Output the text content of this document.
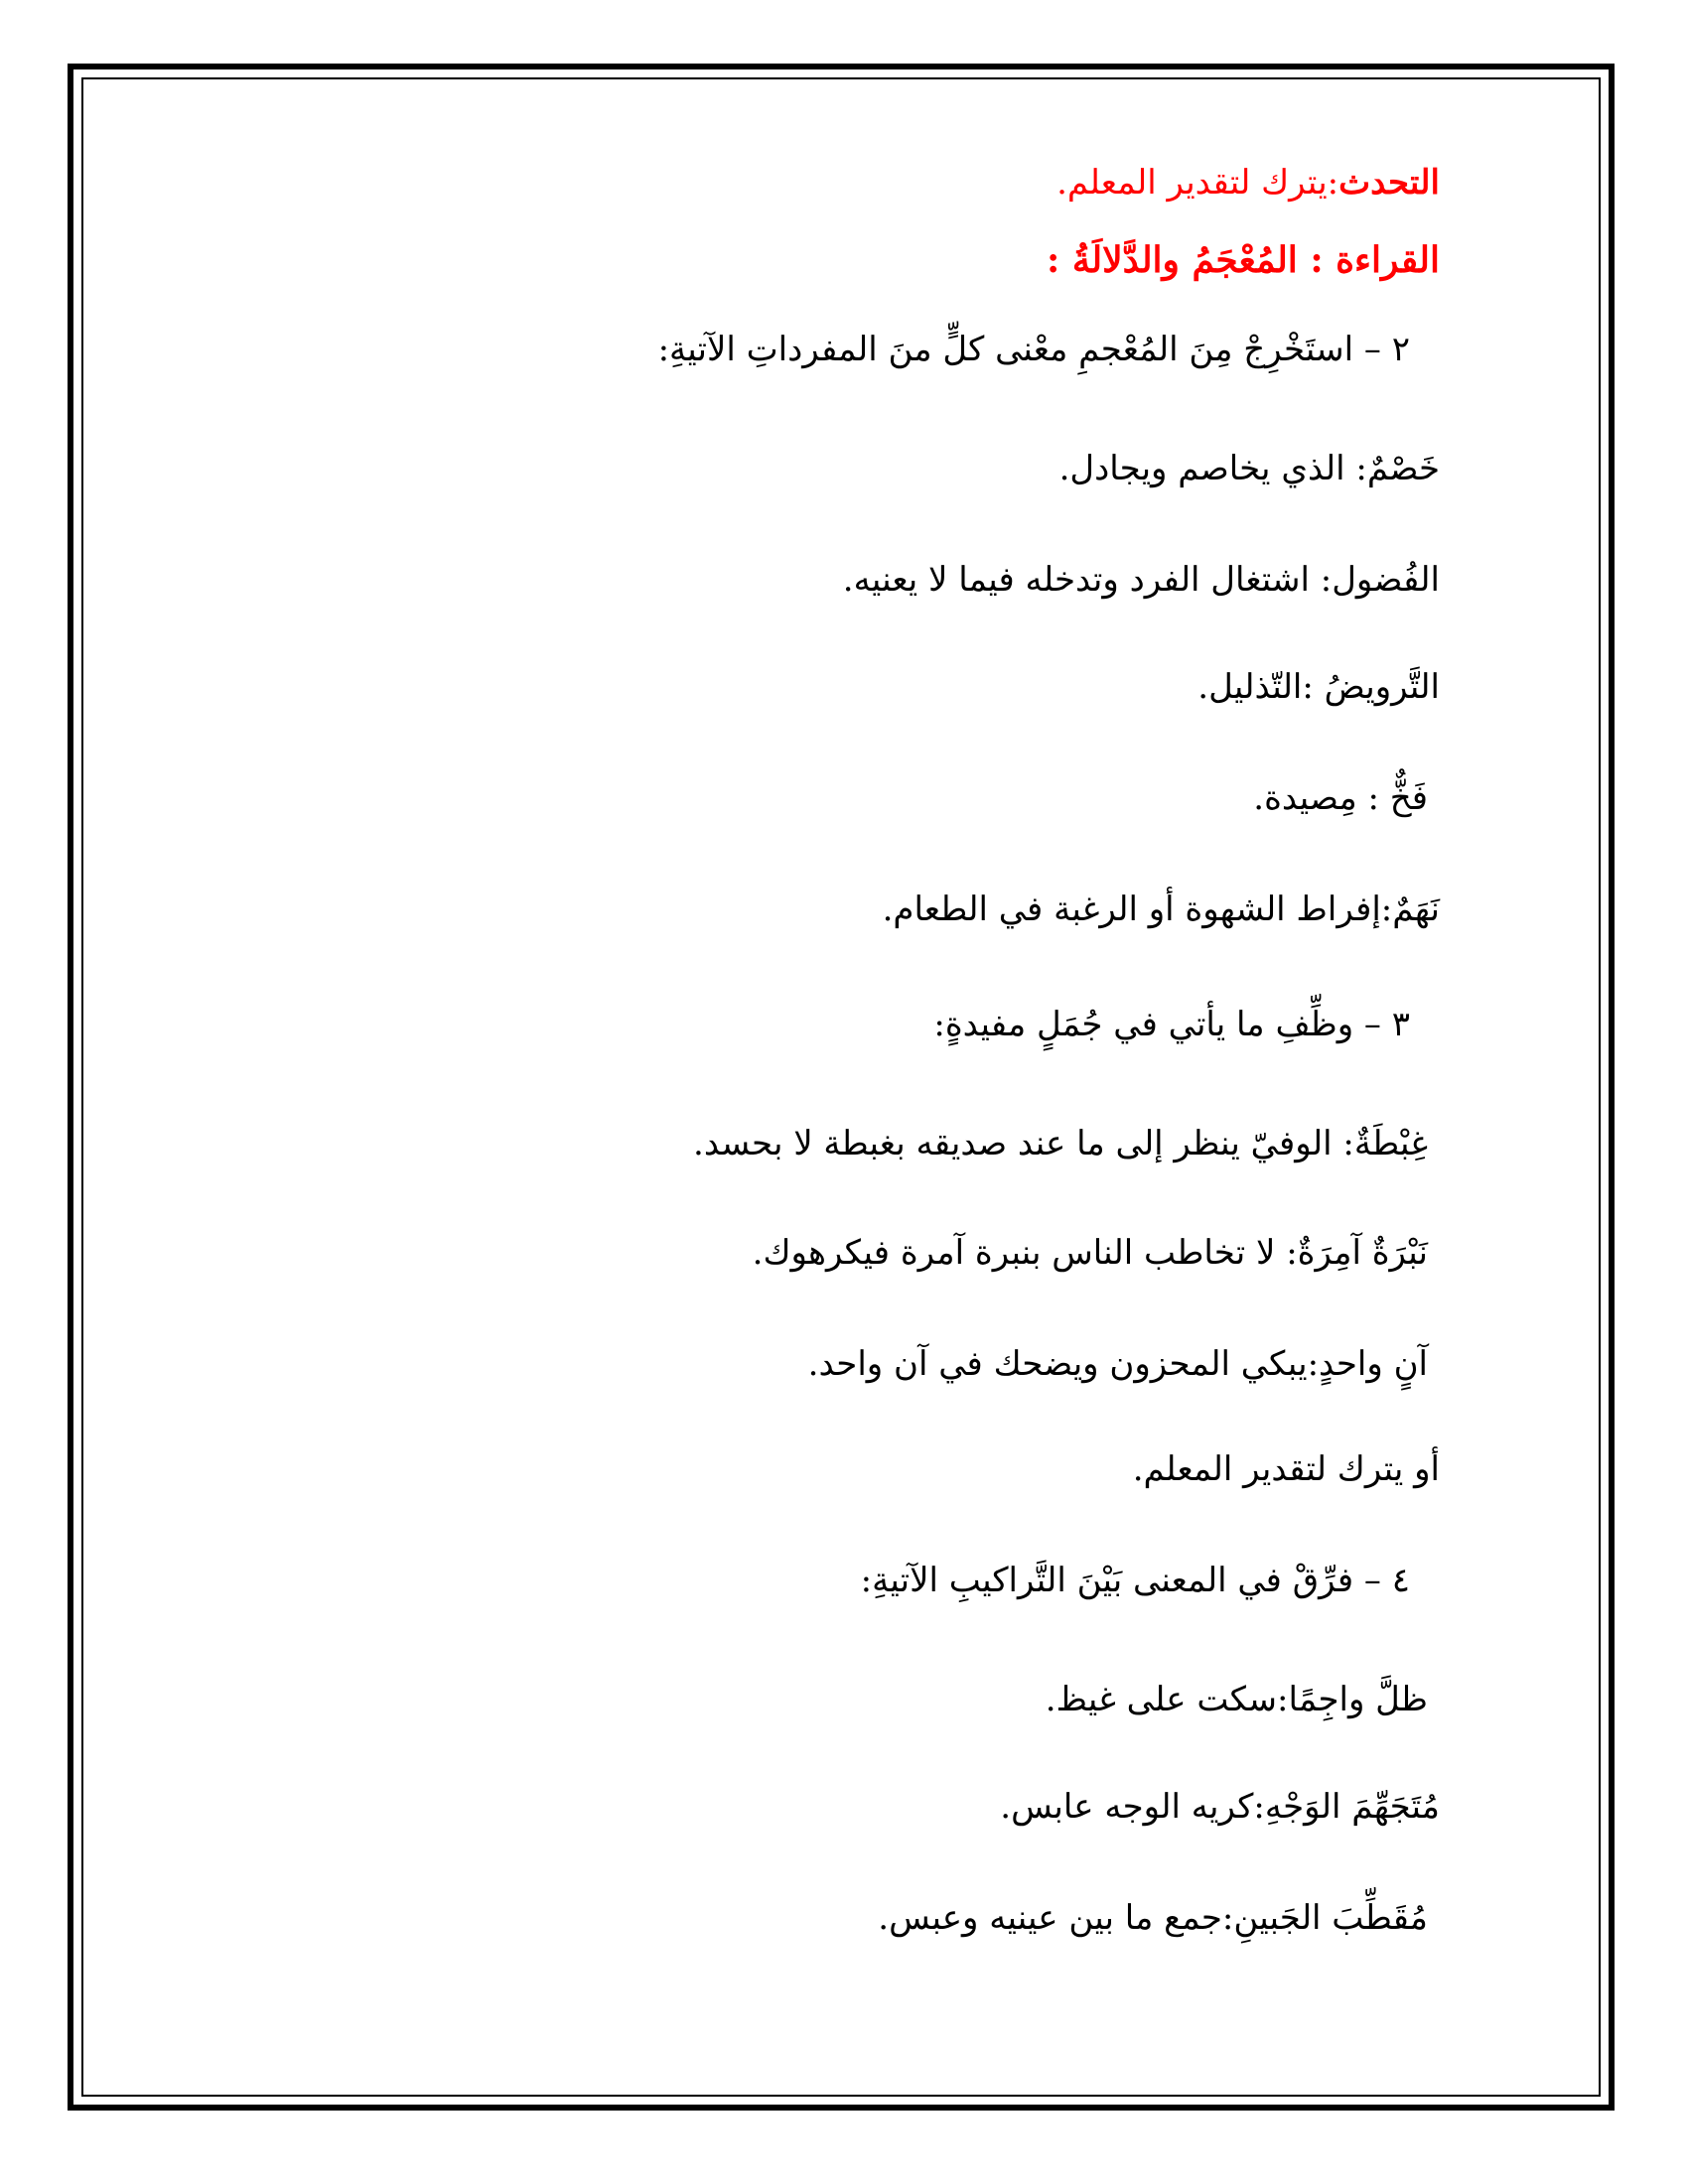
التحدث:يترك لتقدير المعلم.
القراءة : المُعْجَمُ والدَّلالَةُ :
٢ – استَخْرِجْ مِنَ المُعْجمِ معْنى كلٍّ منَ المفرداتِ الآتيةِ:
خَصْمٌ: الذي يخاصم ويجادل.
الفُضول: اشتغال الفرد وتدخله فيما لا يعنيه.
التَّرويضُ :التّذليل.
فَخٌّ : مِصيدة.
نَهَمٌ:إفراط الشهوة أو الرغبة في الطعام.
٣ – وظِّفِ ما يأتي في جُمَلٍ مفيدةٍ:
غِبْطَةٌ: الوفيّ ينظر إلى ما عند صديقه بغبطة لا بحسد.
نَبْرَةٌ آمِرَةٌ: لا تخاطب الناس بنبرة آمرة فيكرهوك.
آنٍ واحدٍ:يبكي المحزون ويضحك في آن واحد.
أو يترك لتقدير المعلم.
٤ – فرِّقْ في المعنى بَيْنَ التَّراكيبِ الآتيةِ:
ظلَّ واجِمًا:سكت على غيظ.
مُتَجَهِّمَ الوَجْهِ:كريه الوجه عابس.
مُقَطِّبَ الجَبينِ:جمع ما بين عينيه وعبس.
